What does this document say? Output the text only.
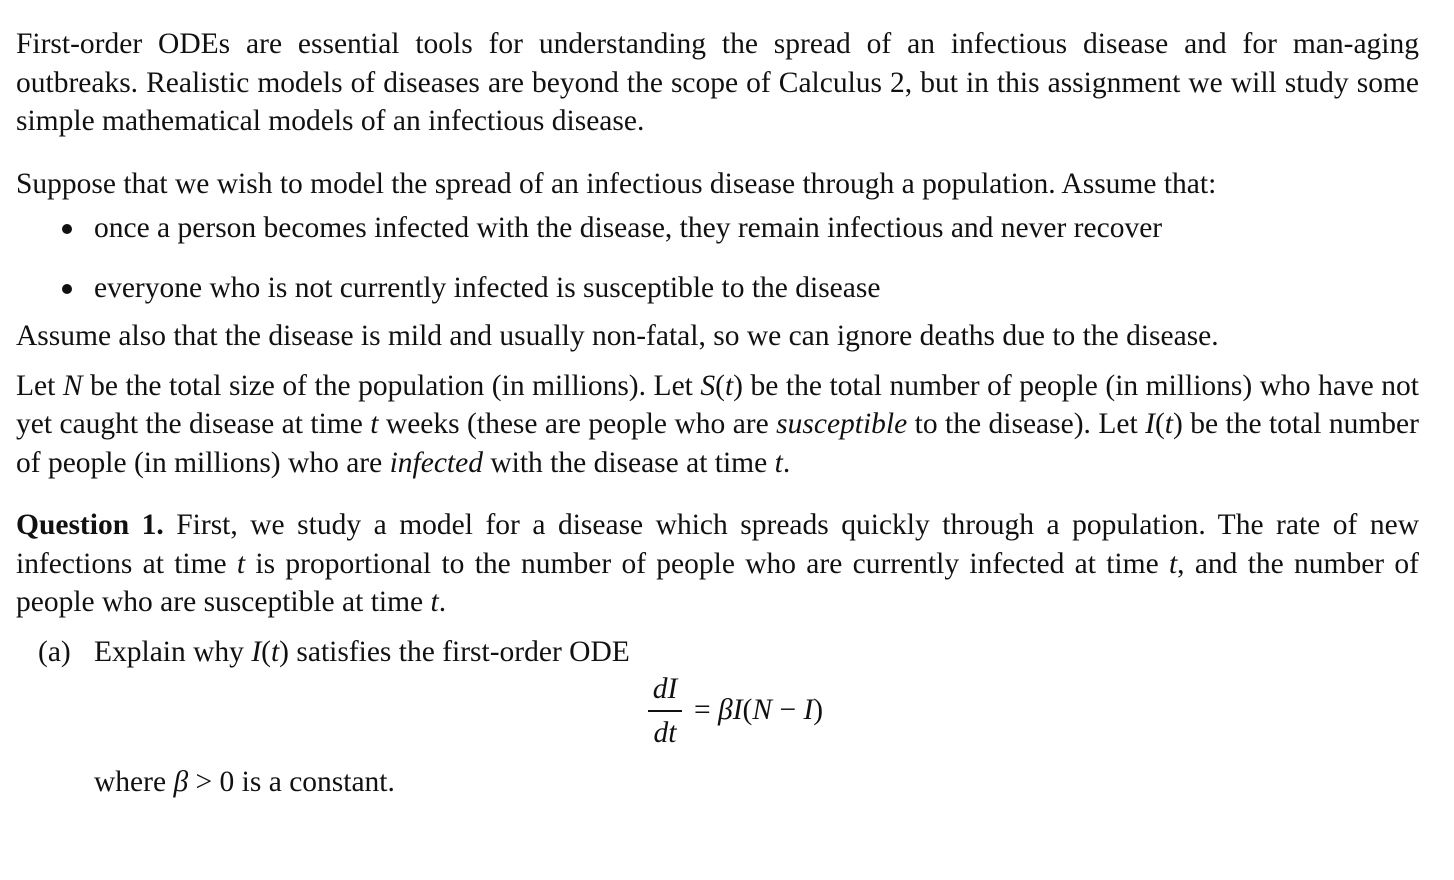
First-order ODEs are essential tools for understanding the spread of an infectious disease and for man-aging outbreaks. Realistic models of diseases are beyond the scope of Calculus 2, but in this assignment we will study some simple mathematical models of an infectious disease.

Suppose that we wish to model the spread of an infectious disease through a population. Assume that:

once a person becomes infected with the disease, they remain infectious and never recover
everyone who is not currently infected is susceptible to the disease

Assume also that the disease is mild and usually non-fatal, so we can ignore deaths due to the disease.

Let N be the total size of the population (in millions). Let S(t) be the total number of people (in millions) who have not yet caught the disease at time t weeks (these are people who are susceptible to the disease). Let I(t) be the total number of people (in millions) who are infected with the disease at time t.

Question 1. First, we study a model for a disease which spreads quickly through a population. The rate of new infections at time t is proportional to the number of people who are currently infected at time t, and the number of people who are susceptible at time t.

(a) Explain why I(t) satisfies the first-order ODE

dI
dt
= βI(N − I)

where β > 0 is a constant.
